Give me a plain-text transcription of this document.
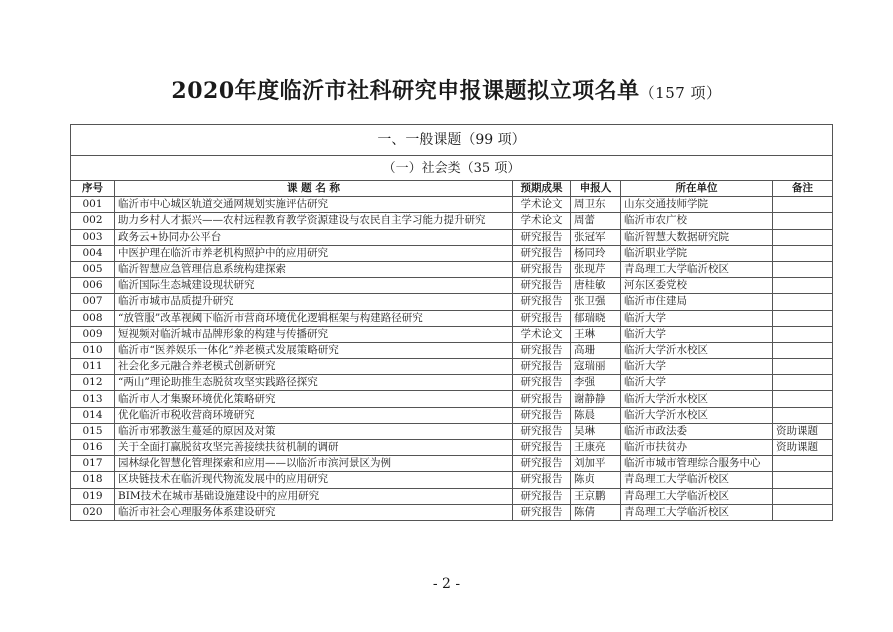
2020年度临沂市社科研究申报课题拟立项名单（157 项）
一、一般课题（99 项）					
（一）社会类（35 项）					
序号	课 题 名 称	预期成果	申报人	所在单位	备注
001	临沂市中心城区轨道交通网规划实施评估研究	学术论文	周卫东	山东交通技师学院	
002	助力乡村人才振兴——农村远程教育教学资源建设与农民自主学习能力提升研究	学术论文	周蕾	临沂市农广校	
003	政务云+协同办公平台	研究报告	张冠军	临沂智慧大数据研究院	
004	中医护理在临沂市养老机构照护中的应用研究	研究报告	杨同玲	临沂职业学院	
005	临沂智慧应急管理信息系统构建探索	研究报告	张现芹	青岛理工大学临沂校区	
006	临沂国际生态城建设现状研究	研究报告	唐桂敏	河东区委党校	
007	临沂市城市品质提升研究	研究报告	张卫强	临沂市住建局	
008	“放管服”改革视阈下临沂市营商环境优化逻辑框架与构建路径研究	研究报告	郁瑞晓	临沂大学	
009	短视频对临沂城市品牌形象的构建与传播研究	学术论文	王琳	临沂大学	
010	临沂市“医养娱乐一体化”养老模式发展策略研究	研究报告	高珊	临沂大学沂水校区	
011	社会化多元融合养老模式创新研究	研究报告	寇瑞丽	临沂大学	
012	“两山”理论助推生态脱贫攻坚实践路径探究	研究报告	李强	临沂大学	
013	临沂市人才集聚环境优化策略研究	研究报告	谢静静	临沂大学沂水校区	
014	优化临沂市税收营商环境研究	研究报告	陈晨	临沂大学沂水校区	
015	临沂市邪教滋生蔓延的原因及对策	研究报告	吴琳	临沂市政法委	资助课题
016	关于全面打赢脱贫攻坚完善接续扶贫机制的调研	研究报告	王康亮	临沂市扶贫办	资助课题
017	园林绿化智慧化管理探索和应用——以临沂市滨河景区为例	研究报告	刘加平	临沂市城市管理综合服务中心	
018	区块链技术在临沂现代物流发展中的应用研究	研究报告	陈贞	青岛理工大学临沂校区	
019	BIM技术在城市基础设施建设中的应用研究	研究报告	王京鹏	青岛理工大学临沂校区	
020	临沂市社会心理服务体系建设研究	研究报告	陈倩	青岛理工大学临沂校区	
- 2 -
